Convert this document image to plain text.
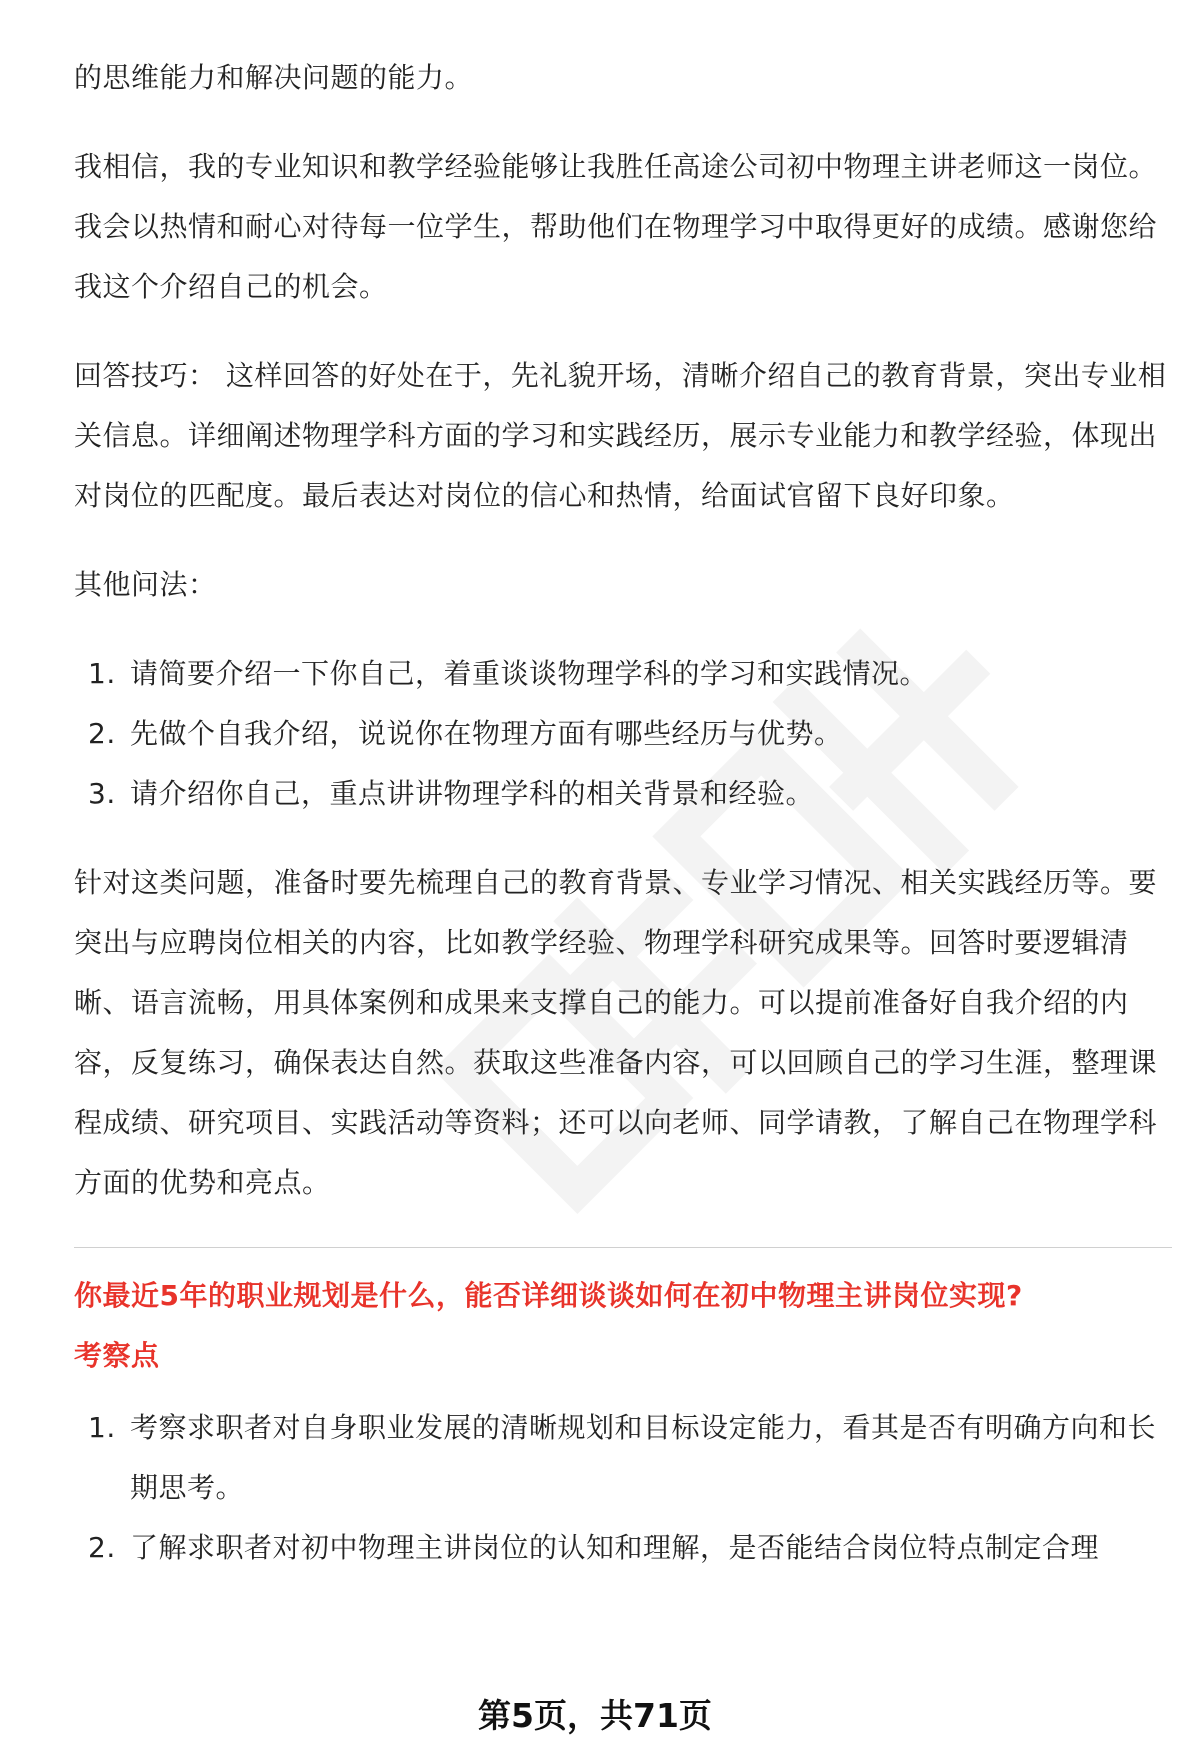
的思维能力和解决问题的能力。

我相信，我的专业知识和教学经验能够让我胜任高途公司初中物理主讲老师这一岗位。我会以热情和耐心对待每一位学生，帮助他们在物理学习中取得更好的成绩。感谢您给我这个介绍自己的机会。

回答技巧： 这样回答的好处在于，先礼貌开场，清晰介绍自己的教育背景，突出专业相关信息。详细阐述物理学科方面的学习和实践经历，展示专业能力和教学经验，体现出对岗位的匹配度。最后表达对岗位的信心和热情，给面试官留下良好印象。

其他问法：

1. 请简要介绍一下你自己，着重谈谈物理学科的学习和实践情况。
2. 先做个自我介绍，说说你在物理方面有哪些经历与优势。
3. 请介绍你自己，重点讲讲物理学科的相关背景和经验。

针对这类问题，准备时要先梳理自己的教育背景、专业学习情况、相关实践经历等。要突出与应聘岗位相关的内容，比如教学经验、物理学科研究成果等。回答时要逻辑清晰、语言流畅，用具体案例和成果来支撑自己的能力。可以提前准备好自我介绍的内容，反复练习，确保表达自然。获取这些准备内容，可以回顾自己的学习生涯，整理课程成绩、研究项目、实践活动等资料；还可以向老师、同学请教，了解自己在物理学科方面的优势和亮点。

你最近5年的职业规划是什么，能否详细谈谈如何在初中物理主讲岗位实现?

考察点

1. 考察求职者对自身职业发展的清晰规划和目标设定能力，看其是否有明确方向和长期思考。
2. 了解求职者对初中物理主讲岗位的认知和理解，是否能结合岗位特点制定合理
第5页，共71页
